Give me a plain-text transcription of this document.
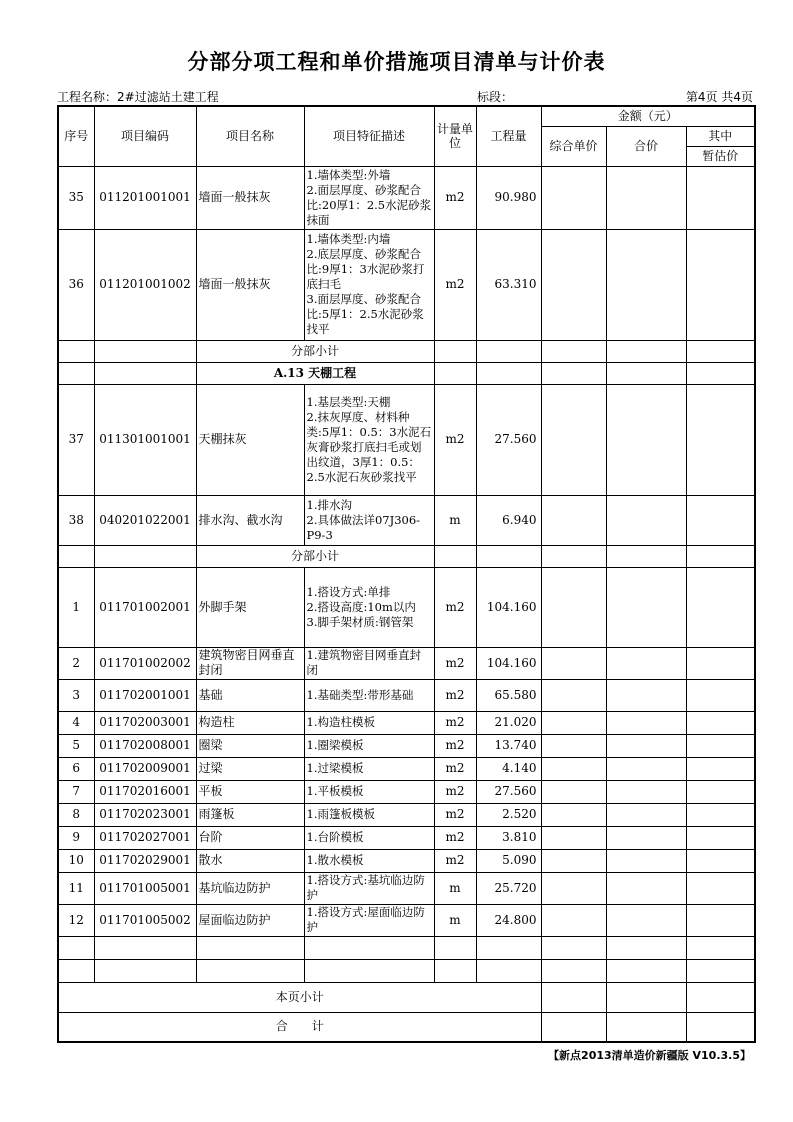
分部分项工程和单价措施项目清单与计价表
工程名称：2#过滤站土建工程	标段：	第4页 共4页
序号	项目编码	项目名称	项目特征描述	计量单位	工程量	金额（元）		
						综合单价	合价	其中
								暂估价
35	011201001001	墙面一般抹灰	1.墙体类型:外墙
2.面层厚度、砂浆配合比:20厚1：2.5水泥砂浆抹面	m2	90.980			
36	011201001002	墙面一般抹灰	1.墙体类型:内墙
2.底层厚度、砂浆配合比:9厚1：3水泥砂浆打底扫毛
3.面层厚度、砂浆配合比:5厚1：2.5水泥砂浆找平	m2	63.310			
		分部小计						
		A.13 天棚工程						
37	011301001001	天棚抹灰	1.基层类型:天棚
2.抹灰厚度、材料种类:5厚1：0.5：3水泥石灰膏砂浆打底扫毛或划出纹道，3厚1：0.5：2.5水泥石灰砂浆找平	m2	27.560			
38	040201022001	排水沟、截水沟	1.排水沟
2.具体做法详07J306-P9-3	m	6.940			
		分部小计						
1	011701002001	外脚手架	1.搭设方式:单排
2.搭设高度:10m以内
3.脚手架材质:钢管架	m2	104.160			
2	011701002002	建筑物密目网垂直封闭	1.建筑物密目网垂直封闭	m2	104.160			
3	011702001001	基础	1.基础类型:带形基础	m2	65.580			
4	011702003001	构造柱	1.构造柱模板	m2	21.020			
5	011702008001	圈梁	1.圈梁模板	m2	13.740			
6	011702009001	过梁	1.过梁模板	m2	4.140			
7	011702016001	平板	1.平板模板	m2	27.560			
8	011702023001	雨篷板	1.雨篷板模板	m2	2.520			
9	011702027001	台阶	1.台阶模板	m2	3.810			
10	011702029001	散水	1.散水模板	m2	5.090			
11	011701005001	基坑临边防护	1.搭设方式:基坑临边防护	m	25.720			
12	011701005002	屋面临边防护	1.搭设方式:屋面临边防护	m	24.800			

本页小计								
合　　计								
【新点2013清单造价新疆版 V10.3.5】
